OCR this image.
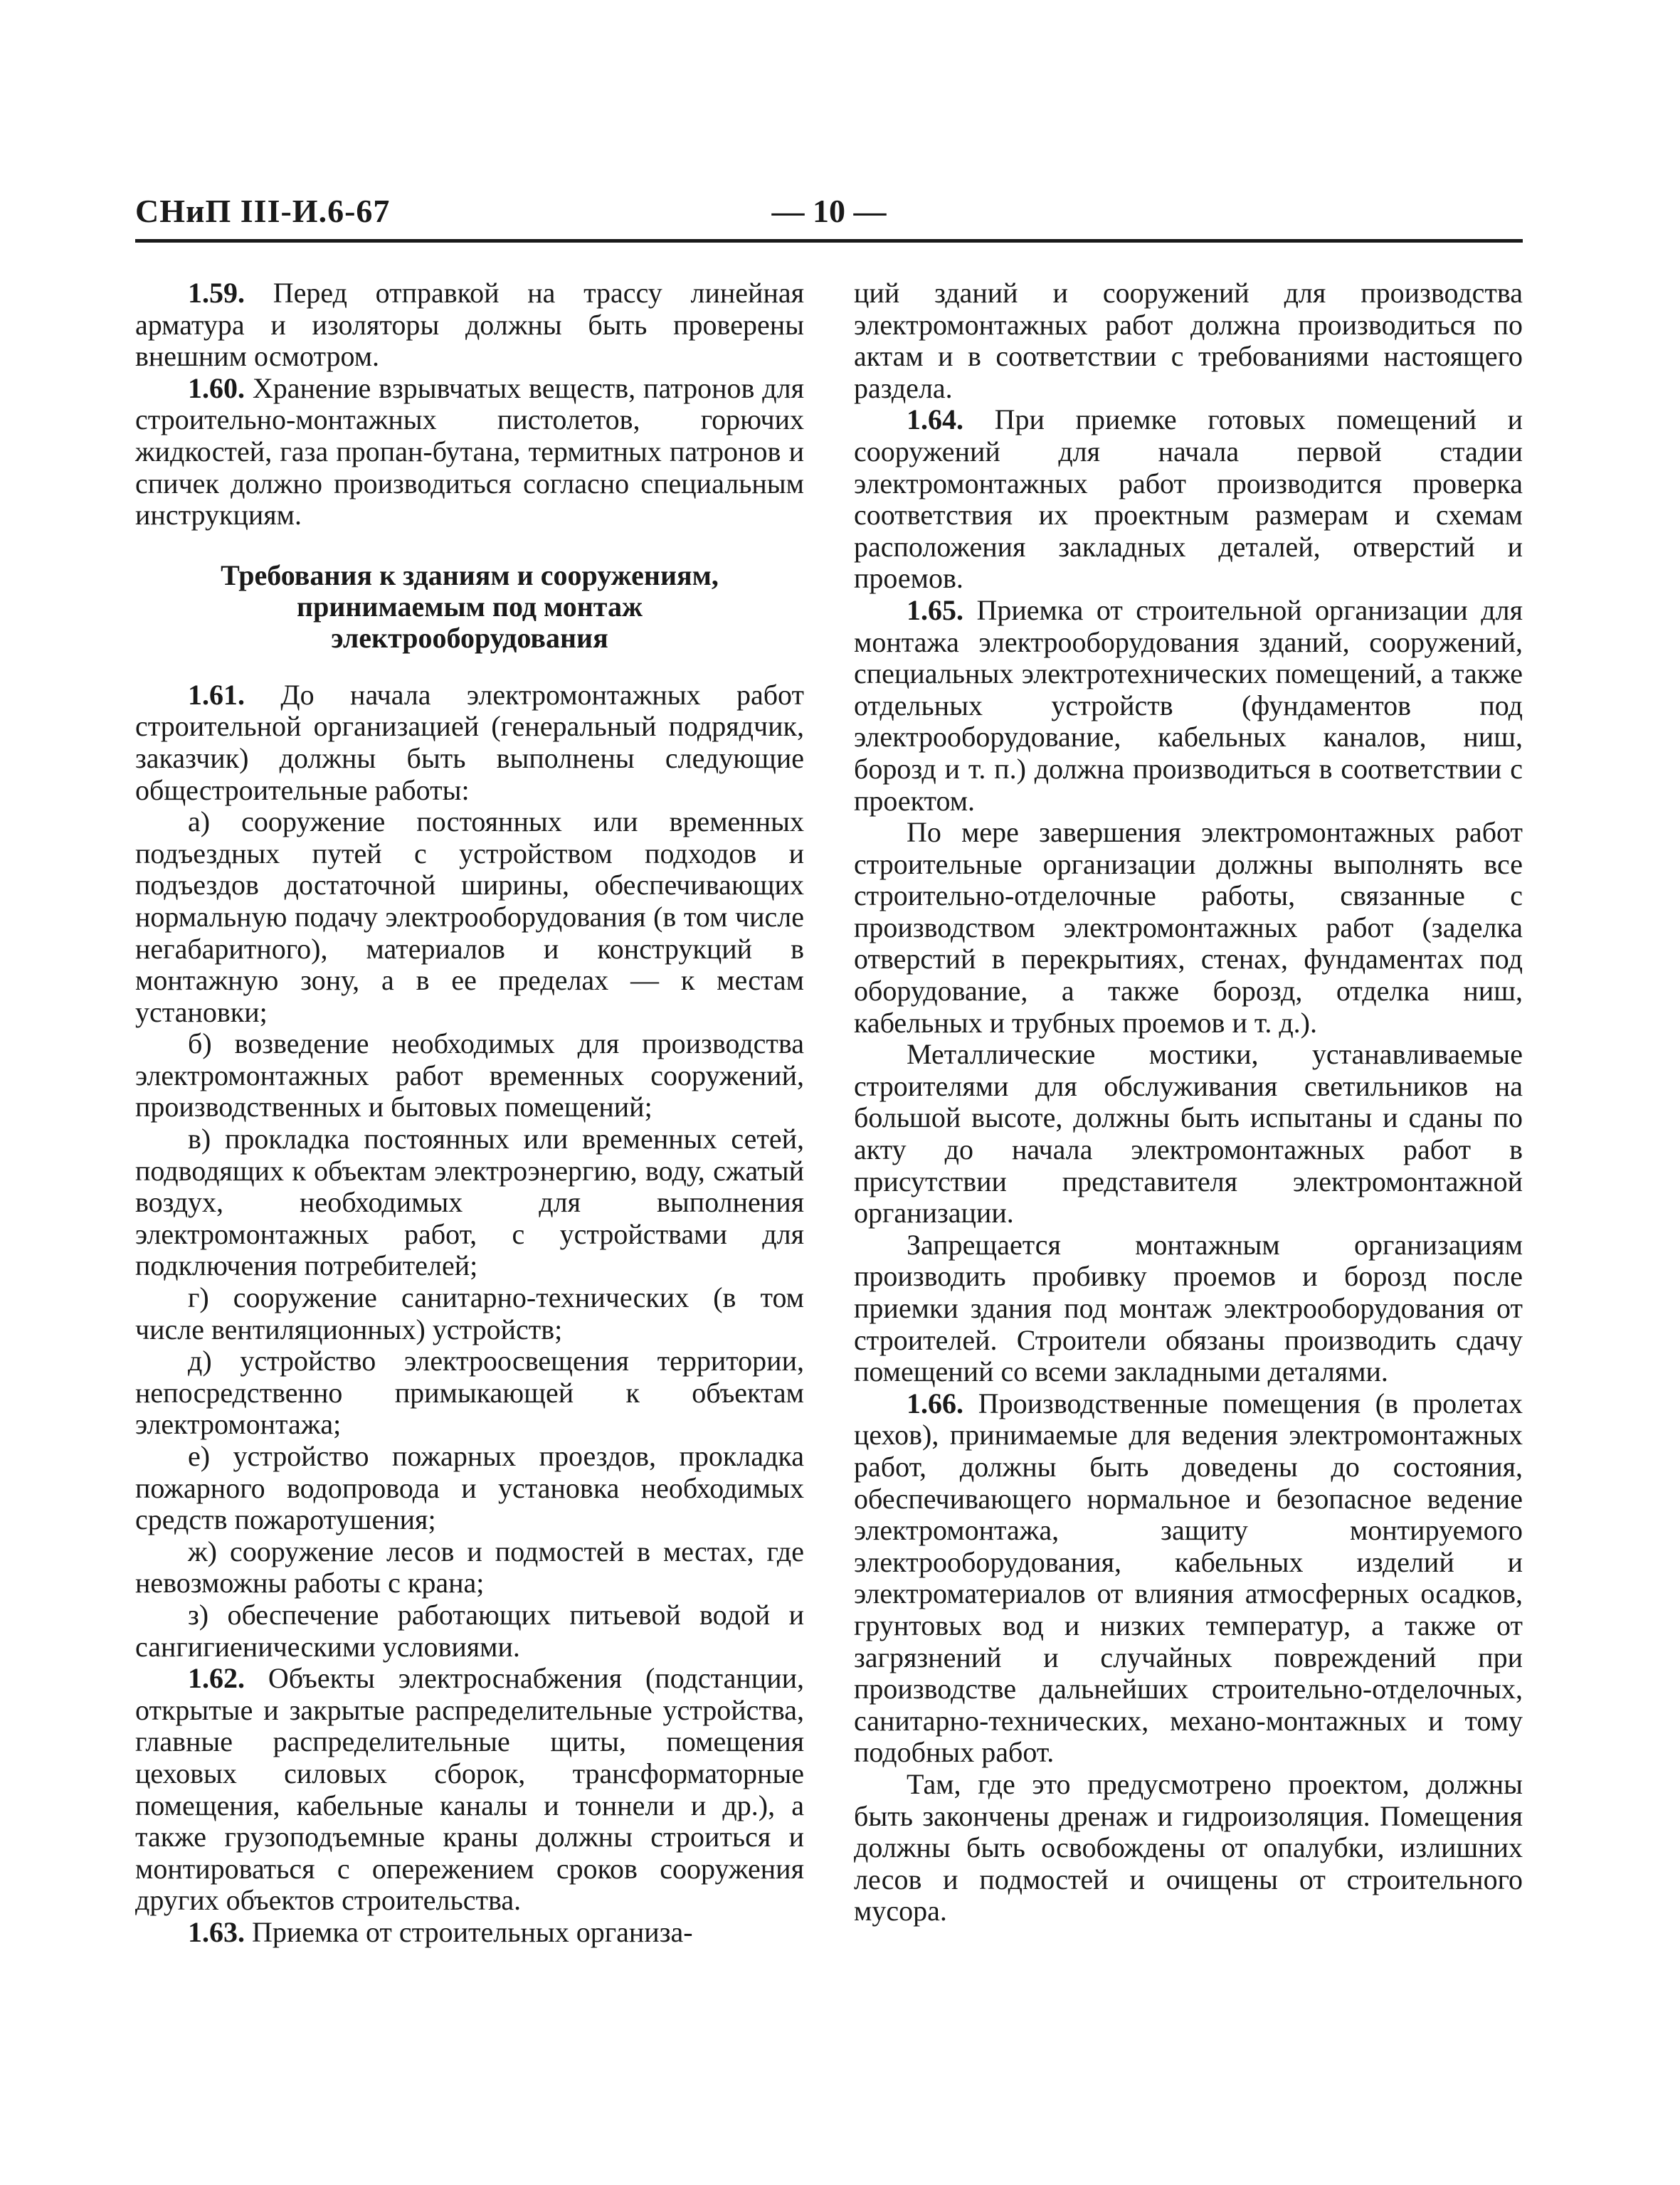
СНиП III-И.6-67	— 10 —

1.59. Перед отправкой на трассу линейная арматура и изоляторы должны быть проверены внешним осмотром.

1.60. Хранение взрывчатых веществ, патронов для строительно-монтажных пистолетов, горючих жидкостей, газа пропан-бутана, термитных патронов и спичек должно производиться согласно специальным инструкциям.

Требования к зданиям и сооружениям,
принимаемым под монтаж
электрооборудования

1.61. До начала электромонтажных работ строительной организацией (генеральный подрядчик, заказчик) должны быть выполнены следующие общестроительные работы:

а) сооружение постоянных или временных подъездных путей с устройством подходов и подъездов достаточной ширины, обеспечивающих нормальную подачу электрооборудования (в том числе негабаритного), материалов и конструкций в монтажную зону, а в ее пределах — к местам установки;

б) возведение необходимых для производства электромонтажных работ временных сооружений, производственных и бытовых помещений;

в) прокладка постоянных или временных сетей, подводящих к объектам электроэнергию, воду, сжатый воздух, необходимых для выполнения электромонтажных работ, с устройствами для подключения потребителей;

г) сооружение санитарно-технических (в том числе вентиляционных) устройств;

д) устройство электроосвещения территории, непосредственно примыкающей к объектам электромонтажа;

е) устройство пожарных проездов, прокладка пожарного водопровода и установка необходимых средств пожаротушения;

ж) сооружение лесов и подмостей в местах, где невозможны работы с крана;

з) обеспечение работающих питьевой водой и сангигиеническими условиями.

1.62. Объекты электроснабжения (подстанции, открытые и закрытые распределительные устройства, главные распределительные щиты, помещения цеховых силовых сборок, трансформаторные помещения, кабельные каналы и тоннели и др.), а также грузоподъемные краны должны строиться и монтироваться с опережением сроков сооружения других объектов строительства.

1.63. Приемка от строительных организа-

ций зданий и сооружений для производства электромонтажных работ должна производиться по актам и в соответствии с требованиями настоящего раздела.

1.64. При приемке готовых помещений и сооружений для начала первой стадии электромонтажных работ производится проверка соответствия их проектным размерам и схемам расположения закладных деталей, отверстий и проемов.

1.65. Приемка от строительной организации для монтажа электрооборудования зданий, сооружений, специальных электротехнических помещений, а также отдельных устройств (фундаментов под электрооборудование, кабельных каналов, ниш, борозд и т. п.) должна производиться в соответствии с проектом.

По мере завершения электромонтажных работ строительные организации должны выполнять все строительно-отделочные работы, связанные с производством электромонтажных работ (заделка отверстий в перекрытиях, стенах, фундаментах под оборудование, а также борозд, отделка ниш, кабельных и трубных проемов и т. д.).

Металлические мостики, устанавливаемые строителями для обслуживания светильников на большой высоте, должны быть испытаны и сданы по акту до начала электромонтажных работ в присутствии представителя электромонтажной организации.

Запрещается монтажным организациям производить пробивку проемов и борозд после приемки здания под монтаж электрооборудования от строителей. Строители обязаны производить сдачу помещений со всеми закладными деталями.

1.66. Производственные помещения (в пролетах цехов), принимаемые для ведения электромонтажных работ, должны быть доведены до состояния, обеспечивающего нормальное и безопасное ведение электромонтажа, защиту монтируемого электрооборудования, кабельных изделий и электроматериалов от влияния атмосферных осадков, грунтовых вод и низких температур, а также от загрязнений и случайных повреждений при производстве дальнейших строительно-отделочных, санитарно-технических, механо-монтажных и тому подобных работ.

Там, где это предусмотрено проектом, должны быть закончены дренаж и гидроизоляция. Помещения должны быть освобождены от опалубки, излишних лесов и подмостей и очищены от строительного мусора.
